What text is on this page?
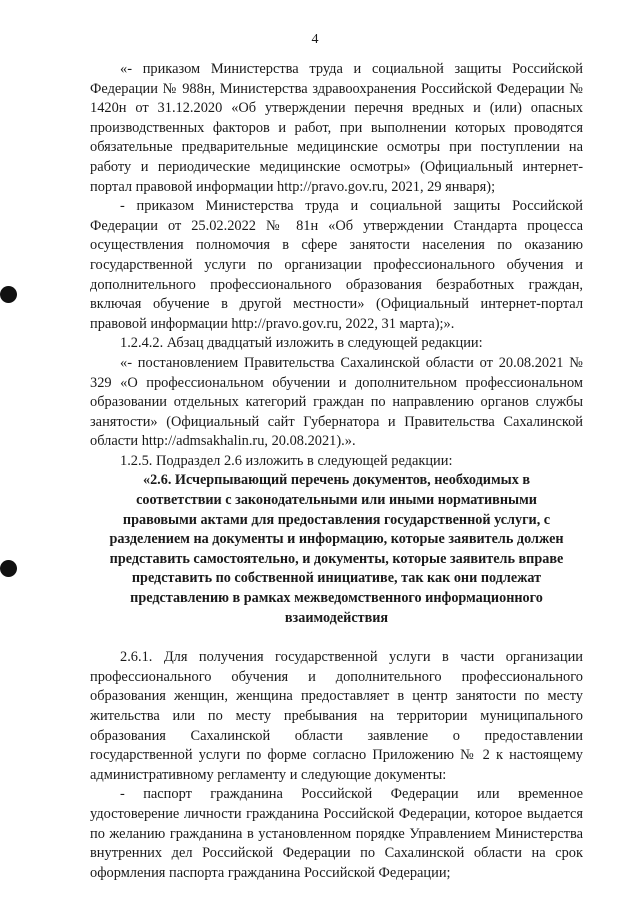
4

«- приказом Министерства труда и социальной защиты Российской Федерации № 988н, Министерства здравоохранения Российской Федерации № 1420н от 31.12.2020 «Об утверждении перечня вредных и (или) опасных производственных факторов и работ, при выполнении которых проводятся обязательные предварительные медицинские осмотры при поступлении на работу и периодические медицинские осмотры» (Официальный интернет-портал правовой информации http://pravo.gov.ru, 2021, 29 января);

- приказом Министерства труда и социальной защиты Российской Федерации от 25.02.2022 № 81н «Об утверждении Стандарта процесса осуществления полномочия в сфере занятости населения по оказанию государственной услуги по организации профессионального обучения и дополнительного профессионального образования безработных граждан, включая обучение в другой местности» (Официальный интернет-портал правовой информации http://pravo.gov.ru, 2022, 31 марта);».

1.2.4.2. Абзац двадцатый изложить в следующей редакции:

«- постановлением Правительства Сахалинской области от 20.08.2021 № 329 «О профессиональном обучении и дополнительном профессиональном образовании отдельных категорий граждан по направлению органов службы занятости» (Официальный сайт Губернатора и Правительства Сахалинской области http://admsakhalin.ru, 20.08.2021).».

1.2.5. Подраздел 2.6 изложить в следующей редакции:

«2.6. Исчерпывающий перечень документов, необходимых в соответствии с законодательными или иными нормативными правовыми актами для предоставления государственной услуги, с разделением на документы и информацию, которые заявитель должен представить самостоятельно, и документы, которые заявитель вправе представить по собственной инициативе, так как они подлежат представлению в рамках межведомственного информационного взаимодействия

2.6.1. Для получения государственной услуги в части организации профессионального обучения и дополнительного профессионального образования женщин, женщина предоставляет в центр занятости по месту жительства или по месту пребывания на территории муниципального образования Сахалинской области заявление о предоставлении государственной услуги по форме согласно Приложению № 2 к настоящему административному регламенту и следующие документы:

- паспорт гражданина Российской Федерации или временное удостоверение личности гражданина Российской Федерации, которое выдается по желанию гражданина в установленном порядке Управлением Министерства внутренних дел Российской Федерации по Сахалинской области на срок оформления паспорта гражданина Российской Федерации;
